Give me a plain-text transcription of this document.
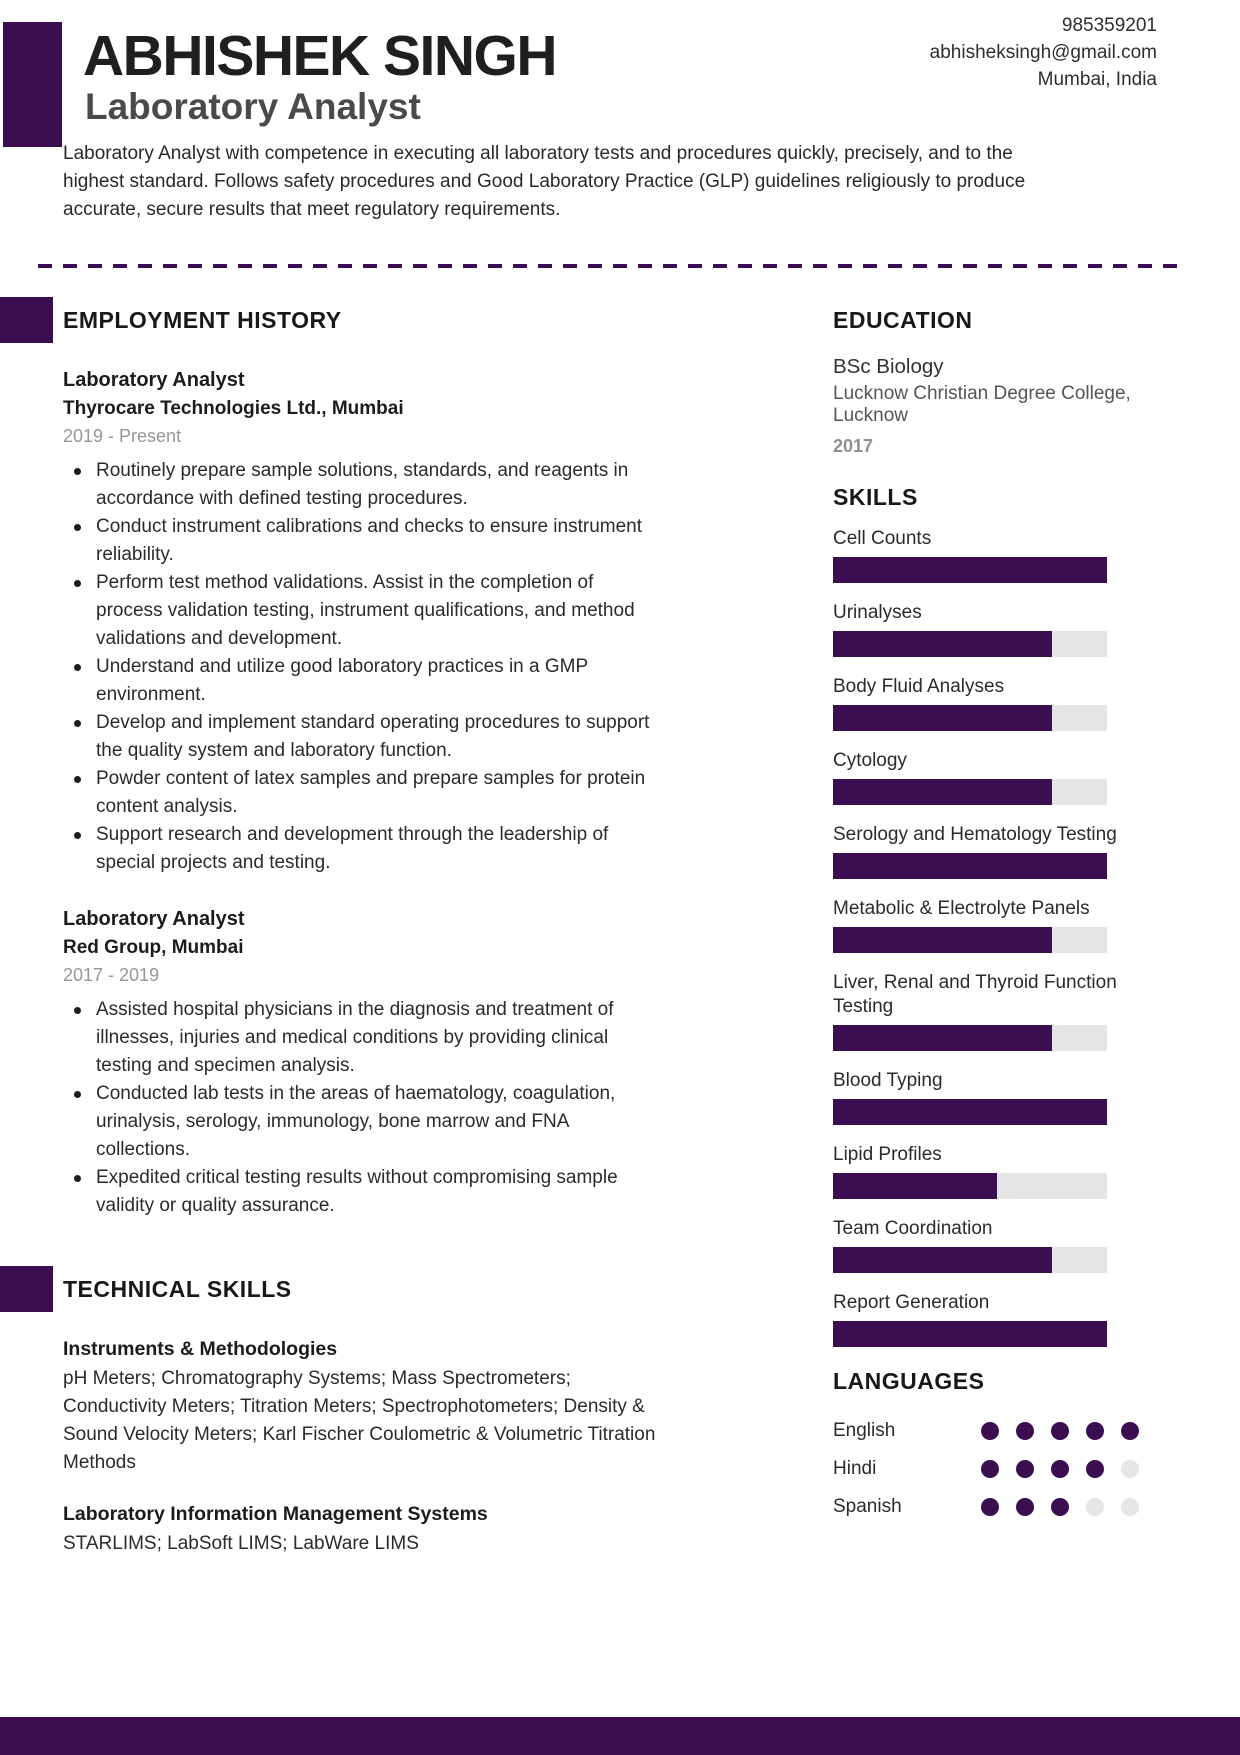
ABHISHEK SINGH
Laboratory Analyst
985359201
abhisheksingh@gmail.com
Mumbai, India
Laboratory Analyst with competence in executing all laboratory tests and procedures quickly, precisely, and to the highest standard. Follows safety procedures and Good Laboratory Practice (GLP) guidelines religiously to produce accurate, secure results that meet regulatory requirements.
EMPLOYMENT HISTORY
Laboratory Analyst
Thyrocare Technologies Ltd., Mumbai
2019 - Present
Routinely prepare sample solutions, standards, and reagents in accordance with defined testing procedures.
Conduct instrument calibrations and checks to ensure instrument reliability.
Perform test method validations. Assist in the completion of process validation testing, instrument qualifications, and method validations and development.
Understand and utilize good laboratory practices in a GMP environment.
Develop and implement standard operating procedures to support the quality system and laboratory function.
Powder content of latex samples and prepare samples for protein content analysis.
Support research and development through the leadership of special projects and testing.
Laboratory Analyst
Red Group, Mumbai
2017 - 2019
Assisted hospital physicians in the diagnosis and treatment of illnesses, injuries and medical conditions by providing clinical testing and specimen analysis.
Conducted lab tests in the areas of haematology, coagulation, urinalysis, serology, immunology, bone marrow and FNA collections.
Expedited critical testing results without compromising sample validity or quality assurance.
TECHNICAL SKILLS
Instruments & Methodologies
pH Meters; Chromatography Systems; Mass Spectrometers; Conductivity Meters; Titration Meters; Spectrophotometers; Density & Sound Velocity Meters; Karl Fischer Coulometric & Volumetric Titration Methods
Laboratory Information Management Systems
STARLIMS; LabSoft LIMS; LabWare LIMS
EDUCATION
BSc Biology
Lucknow Christian Degree College, Lucknow
2017
SKILLS
Cell Counts
Urinalyses
Body Fluid Analyses
Cytology
Serology and Hematology Testing
Metabolic & Electrolyte Panels
Liver, Renal and Thyroid Function Testing
Blood Typing
Lipid Profiles
Team Coordination
Report Generation
LANGUAGES
English
Hindi
Spanish
